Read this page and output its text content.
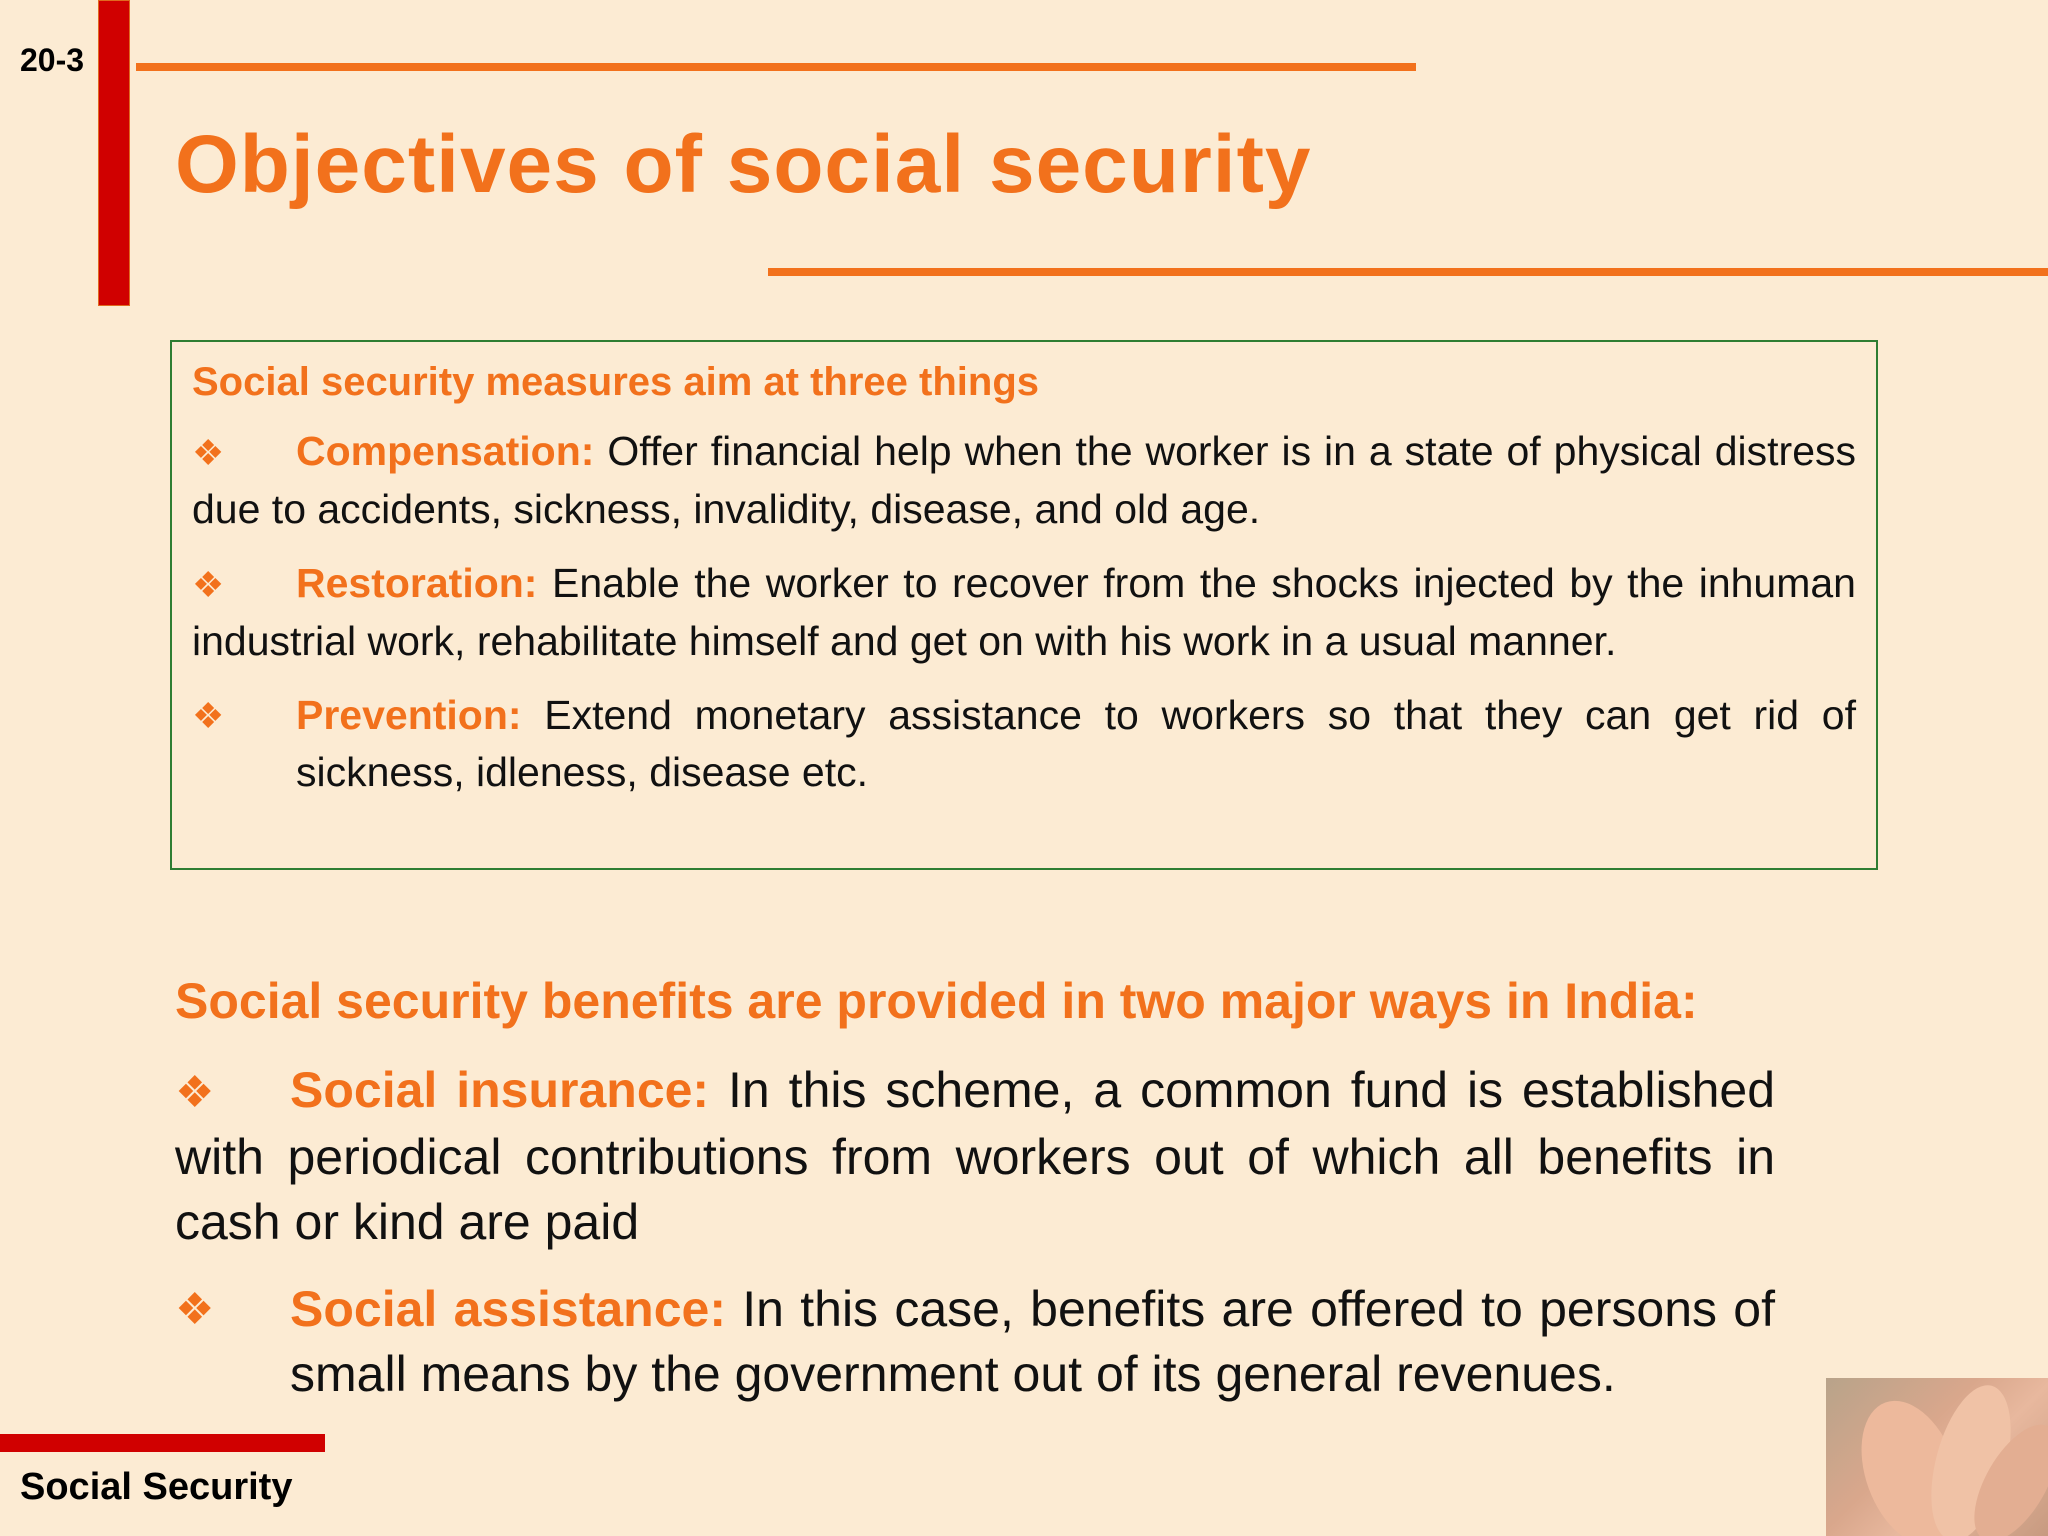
20-3
Objectives of social security
Social security measures aim at three things
❖ Compensation: Offer financial help when the worker is in a state of physical distress due to accidents, sickness, invalidity, disease, and old age.
❖ Restoration: Enable the worker to recover from the shocks injected by the inhuman industrial work, rehabilitate himself and get on with his work in a usual manner.
❖	Prevention: Extend monetary assistance to workers so that they can get rid of sickness, idleness, disease etc.
Social security benefits are provided in two major ways in India:
❖ Social insurance: In this scheme, a common fund is established with periodical contributions from workers out of which all benefits in cash or kind are paid
❖	Social assistance: In this case, benefits are offered to persons of small means by the government out of its general revenues.
Social Security
